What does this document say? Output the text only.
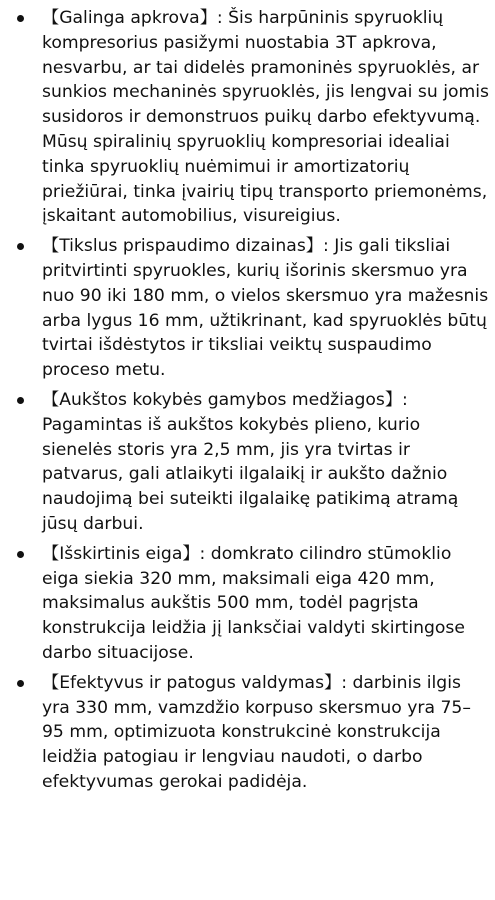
【Galinga apkrova】: Šis harpūninis spyruoklių kompresorius pasižymi nuostabia 3T apkrova, nesvarbu, ar tai didelės pramoninės spyruoklės, ar sunkios mechaninės spyruoklės, jis lengvai su jomis susidoros ir demonstruos puikų darbo efektyvumą. Mūsų spiralinių spyruoklių kompresoriai idealiai tinka spyruoklių nuėmimui ir amortizatorių priežiūrai, tinka įvairių tipų transporto priemonėms, įskaitant automobilius, visureigius.
【Tikslus prispaudimo dizainas】: Jis gali tiksliai pritvirtinti spyruokles, kurių išorinis skersmuo yra nuo 90 iki 180 mm, o vielos skersmuo yra mažesnis arba lygus 16 mm, užtikrinant, kad spyruoklės būtų tvirtai išdėstytos ir tiksliai veiktų suspaudimo proceso metu.
【Aukštos kokybės gamybos medžiagos】: Pagamintas iš aukštos kokybės plieno, kurio sienelės storis yra 2,5 mm, jis yra tvirtas ir patvarus, gali atlaikyti ilgalaikį ir aukšto dažnio naudojimą bei suteikti ilgalaikę patikimą atramą jūsų darbui.
【Išskirtinis eiga】: domkrato cilindro stūmoklio eiga siekia 320 mm, maksimali eiga 420 mm, maksimalus aukštis 500 mm, todėl pagrįsta konstrukcija leidžia jį lanksčiai valdyti skirtingose darbo situacijose.
【Efektyvus ir patogus valdymas】: darbinis ilgis yra 330 mm, vamzdžio korpuso skersmuo yra 75–95 mm, optimizuota konstrukcinė konstrukcija leidžia patogiau ir lengviau naudoti, o darbo efektyvumas gerokai padidėja.
